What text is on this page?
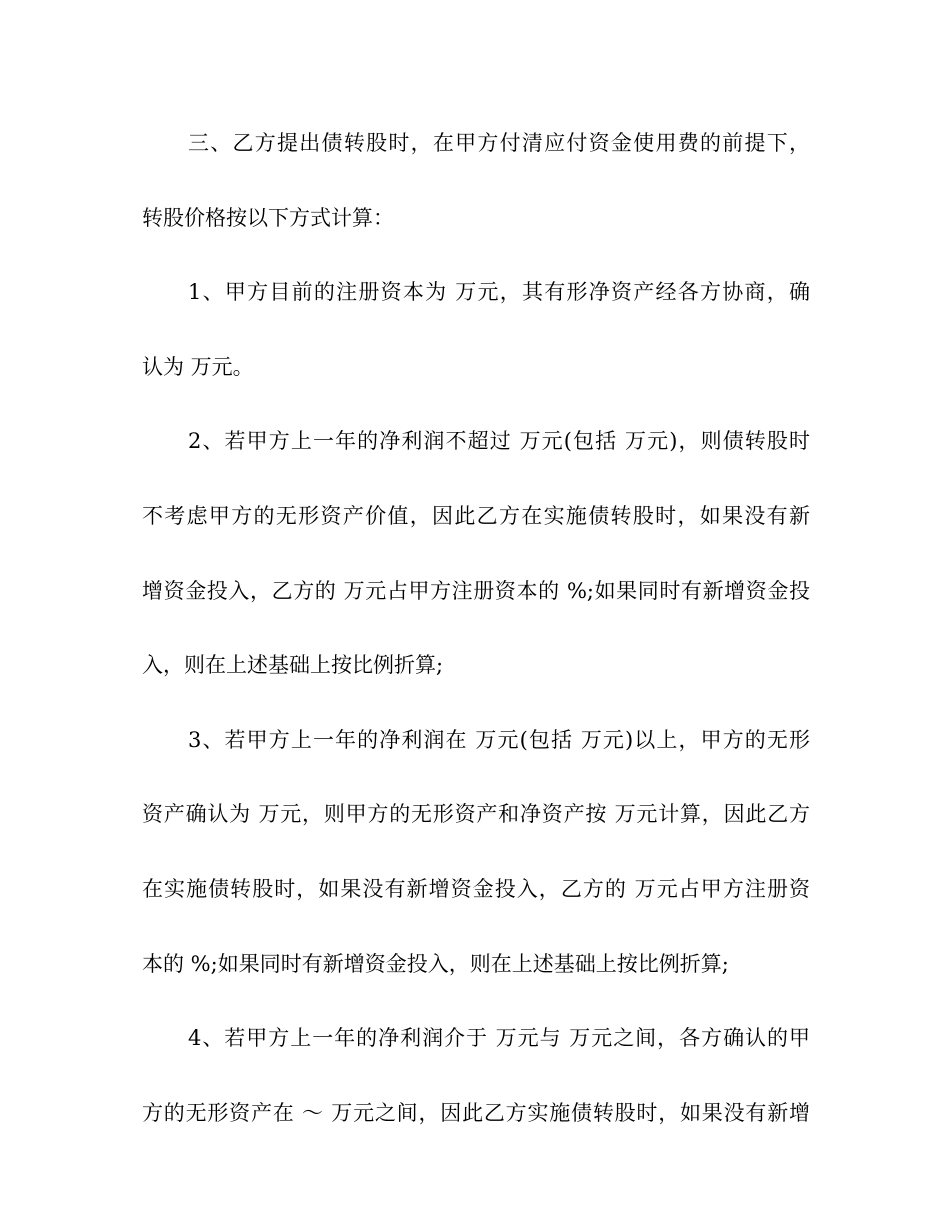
三、乙方提出债转股时，在甲方付清应付资金使用费的前提下，
转股价格按以下方式计算：
1、甲方目前的注册资本为 万元，其有形净资产经各方协商，确
认为 万元。
2、若甲方上一年的净利润不超过 万元(包括 万元)，则债转股时
不考虑甲方的无形资产价值，因此乙方在实施债转股时，如果没有新
增资金投入，乙方的 万元占甲方注册资本的 %;如果同时有新增资金投
入，则在上述基础上按比例折算;
3、若甲方上一年的净利润在 万元(包括 万元)以上，甲方的无形
资产确认为 万元，则甲方的无形资产和净资产按 万元计算，因此乙方
在实施债转股时，如果没有新增资金投入，乙方的 万元占甲方注册资
本的 %;如果同时有新增资金投入，则在上述基础上按比例折算;
4、若甲方上一年的净利润介于 万元与 万元之间，各方确认的甲
方的无形资产在 ～ 万元之间，因此乙方实施债转股时，如果没有新增
